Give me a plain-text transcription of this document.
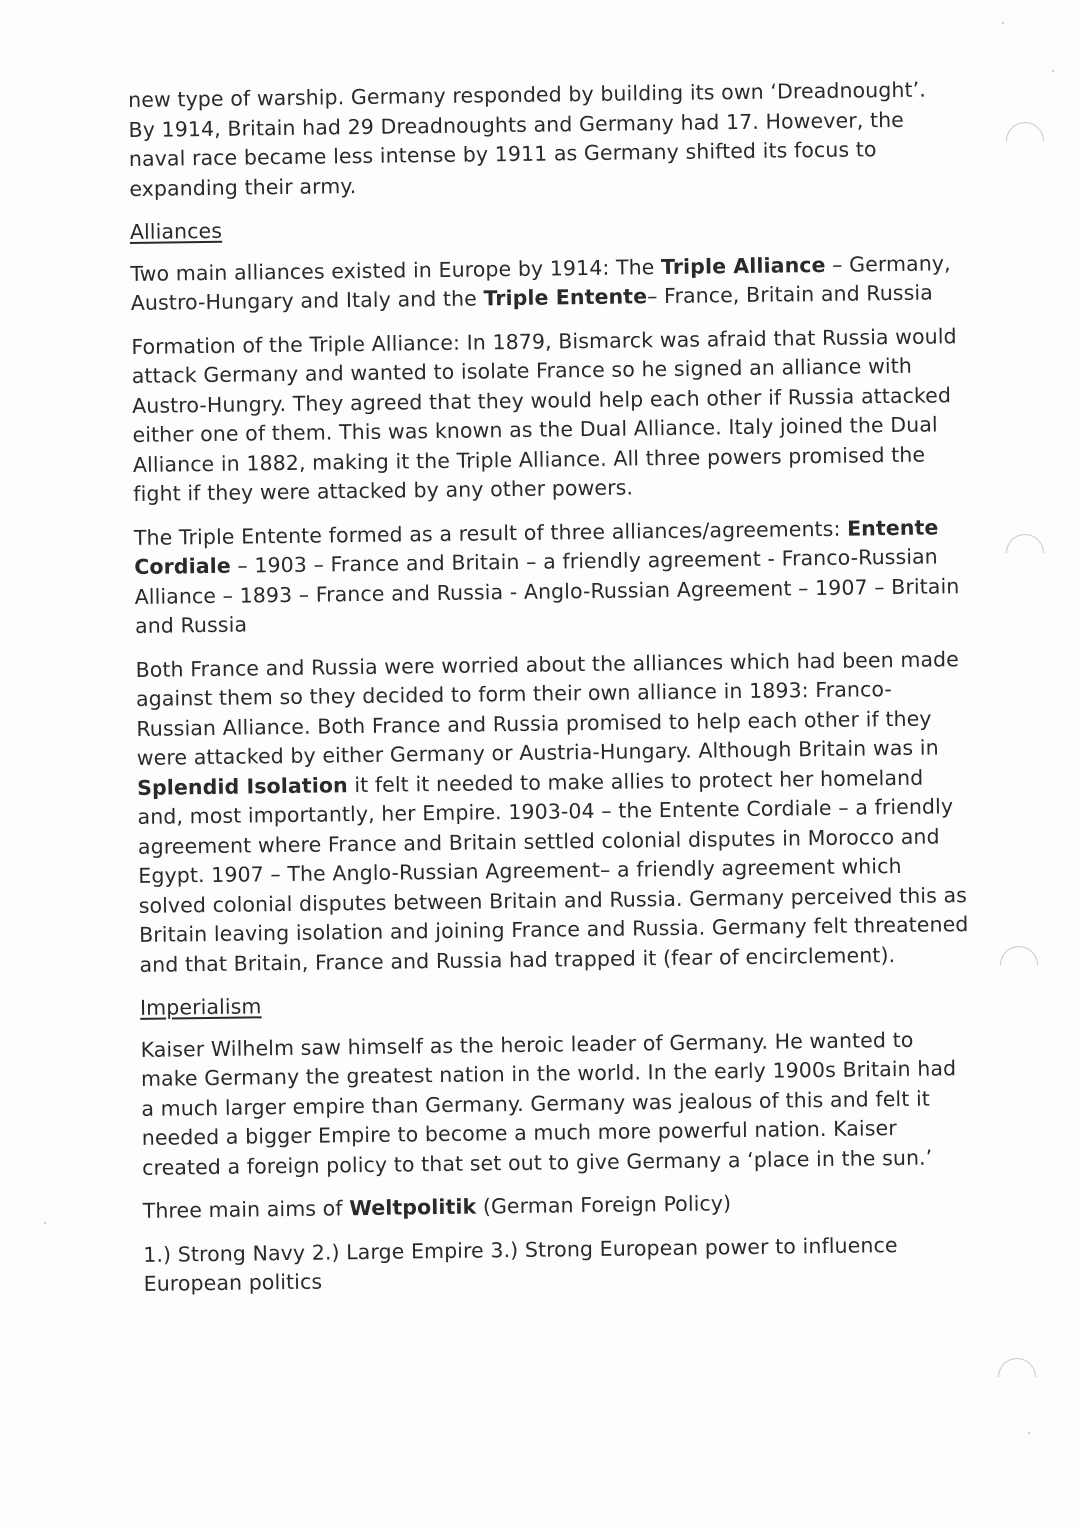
new type of warship. Germany responded by building its own ‘Dreadnought’. By 1914, Britain had 29 Dreadnoughts and Germany had 17. However, the naval race became less intense by 1911 as Germany shifted its focus to expanding their army.

Alliances

Two main alliances existed in Europe by 1914: The Triple Alliance – Germany, Austro-Hungary and Italy and the Triple Entente– France, Britain and Russia

Formation of the Triple Alliance: In 1879, Bismarck was afraid that Russia would attack Germany and wanted to isolate France so he signed an alliance with Austro-Hungry. They agreed that they would help each other if Russia attacked either one of them. This was known as the Dual Alliance. Italy joined the Dual Alliance in 1882, making it the Triple Alliance. All three powers promised the fight if they were attacked by any other powers.

The Triple Entente formed as a result of three alliances/agreements: Entente Cordiale – 1903 – France and Britain – a friendly agreement - Franco-Russian Alliance – 1893 – France and Russia - Anglo-Russian Agreement – 1907 – Britain and Russia

Both France and Russia were worried about the alliances which had been made against them so they decided to form their own alliance in 1893: Franco-Russian Alliance. Both France and Russia promised to help each other if they were attacked by either Germany or Austria-Hungary. Although Britain was in Splendid Isolation it felt it needed to make allies to protect her homeland and, most importantly, her Empire. 1903-04 – the Entente Cordiale – a friendly agreement where France and Britain settled colonial disputes in Morocco and Egypt. 1907 – The Anglo-Russian Agreement– a friendly agreement which solved colonial disputes between Britain and Russia. Germany perceived this as Britain leaving isolation and joining France and Russia. Germany felt threatened and that Britain, France and Russia had trapped it (fear of encirclement).

Imperialism

Kaiser Wilhelm saw himself as the heroic leader of Germany. He wanted to make Germany the greatest nation in the world. In the early 1900s Britain had a much larger empire than Germany. Germany was jealous of this and felt it needed a bigger Empire to become a much more powerful nation. Kaiser created a foreign policy to that set out to give Germany a ‘place in the sun.’

Three main aims of Weltpolitik (German Foreign Policy)

1.) Strong Navy 2.) Large Empire 3.) Strong European power to influence European politics
